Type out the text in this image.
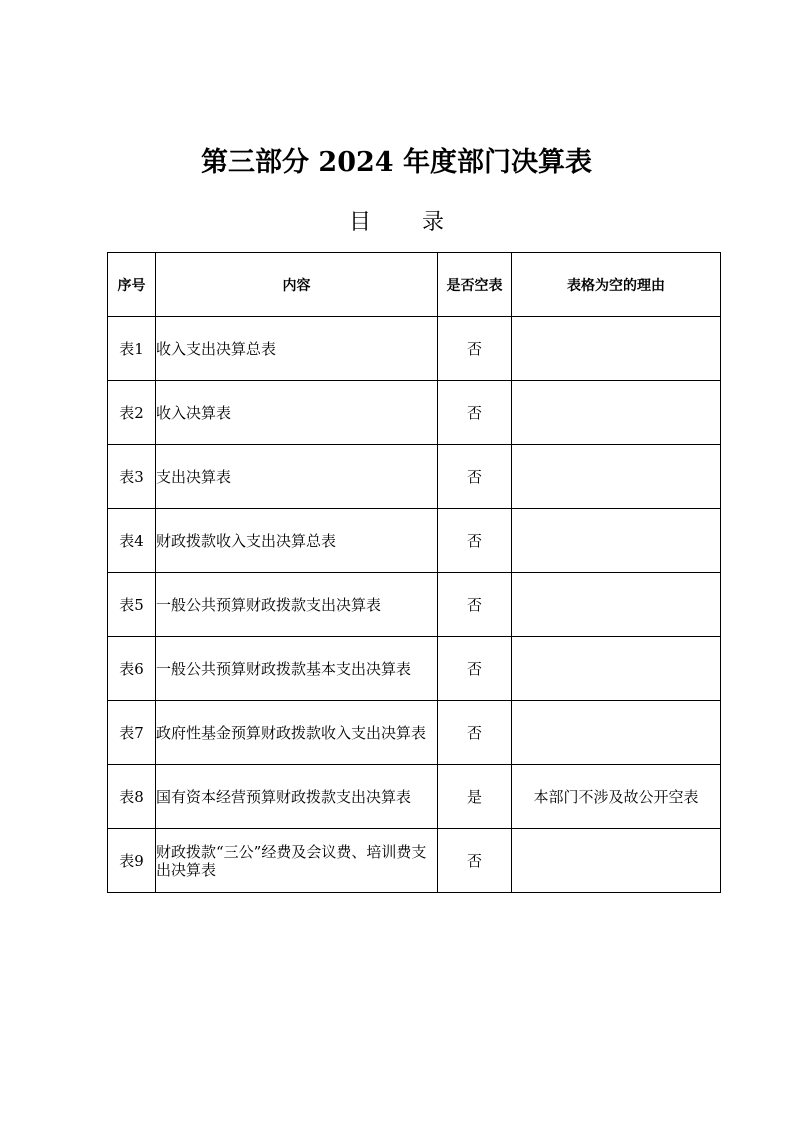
第三部分 2024 年度部门决算表
目 录
序号	内容	是否空表	表格为空的理由
表1	收入支出决算总表	否	
表2	收入决算表	否	
表3	支出决算表	否	
表4	财政拨款收入支出决算总表	否	
表5	一般公共预算财政拨款支出决算表	否	
表6	一般公共预算财政拨款基本支出决算表	否	
表7	政府性基金预算财政拨款收入支出决算表	否	
表8	国有资本经营预算财政拨款支出决算表	是	本部门不涉及故公开空表
表9	财政拨款“三公”经费及会议费、培训费支出决算表	否	
